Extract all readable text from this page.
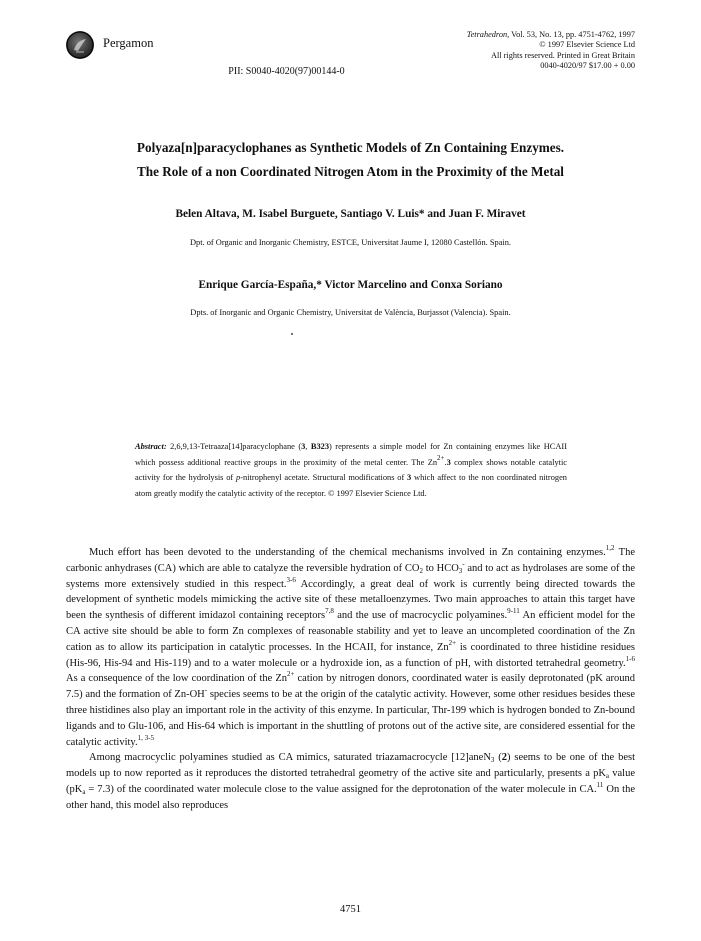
Pergamon
Tetrahedron, Vol. 53, No. 13, pp. 4751-4762, 1997
© 1997 Elsevier Science Ltd
All rights reserved. Printed in Great Britain
0040-4020/97 $17.00 + 0.00
PII: S0040-4020(97)00144-0
Polyaza[n]paracyclophanes as Synthetic Models of Zn Containing Enzymes.
The Role of a non Coordinated Nitrogen Atom in the Proximity of the Metal
Belen Altava, M. Isabel Burguete, Santiago V. Luis* and Juan F. Miravet
Dpt. of Organic and Inorganic Chemistry, ESTCE, Universitat Jaume I, 12080 Castellón. Spain.
Enrique García-España,* Victor Marcelino and Conxa Soriano
Dpts. of Inorganic and Organic Chemistry, Universitat de València, Burjassot (Valencia). Spain.
Abstract: 2,6,9,13-Tetraaza[14]paracyclophane (3, B323) represents a simple model for Zn containing enzymes like HCAII which possess additional reactive groups in the proximity of the metal center. The $Zn^{2+}.3$ complex shows notable catalytic activity for the hydrolysis of p-nitrophenyl acetate. Structural modifications of 3 which affect to the non coordinated nitrogen atom greatly modify the catalytic activity of the receptor. © 1997 Elsevier Science Ltd.

Much effort has been devoted to the understanding of the chemical mechanisms involved in Zn containing enzymes.$^{1,2}$ The carbonic anhydrases (CA) which are able to catalyze the reversible hydration of $CO_2$ to $HCO_3^-$ and to act as hydrolases are some of the systems more extensively studied in this respect.$^{3-6}$ Accordingly, a great deal of work is currently being directed towards the development of synthetic models mimicking the active site of these metalloenzymes. Two main approaches to attain this target have been the synthesis of different imidazol containing receptors$^{7,8}$ and the use of macrocyclic polyamines.$^{9-11}$ An efficient model for the CA active site should be able to form Zn complexes of reasonable stability and yet to leave an uncompleted coordination of the Zn cation as to allow its participation in catalytic processes. In the HCAII, for instance, $Zn^{2+}$ is coordinated to three histidine residues (His-96, His-94 and His-119) and to a water molecule or a hydroxide ion, as a function of pH, with distorted tetrahedral geometry.$^{1-6}$ As a consequence of the low coordination of the $Zn^{2+}$ cation by nitrogen donors, coordinated water is easily deprotonated (pK around 7.5) and the formation of Zn-OH- species seems to be at the origin of the catalytic activity. However, some other residues besides these three histidines also play an important role in the activity of this enzyme. In particular, Thr-199 which is hydrogen bonded to Zn-bound ligands and to Glu-106, and His-64 which is important in the shuttling of protons out of the active site, are considered essential for the catalytic activity.$^{1, 3-5}$

Among macrocyclic polyamines studied as CA mimics, saturated triazamacrocycle [12]aneN$_3$ (2) seems to be one of the best models up to now reported as it reproduces the distorted tetrahedral geometry of the active site and particularly, presents a $pK_a$ value $(pK_a = 7.3)$ of the coordinated water molecule close to the value assigned for the deprotonation of the water molecule in CA.$^{11}$ On the other hand, this model also reproduces

4751
